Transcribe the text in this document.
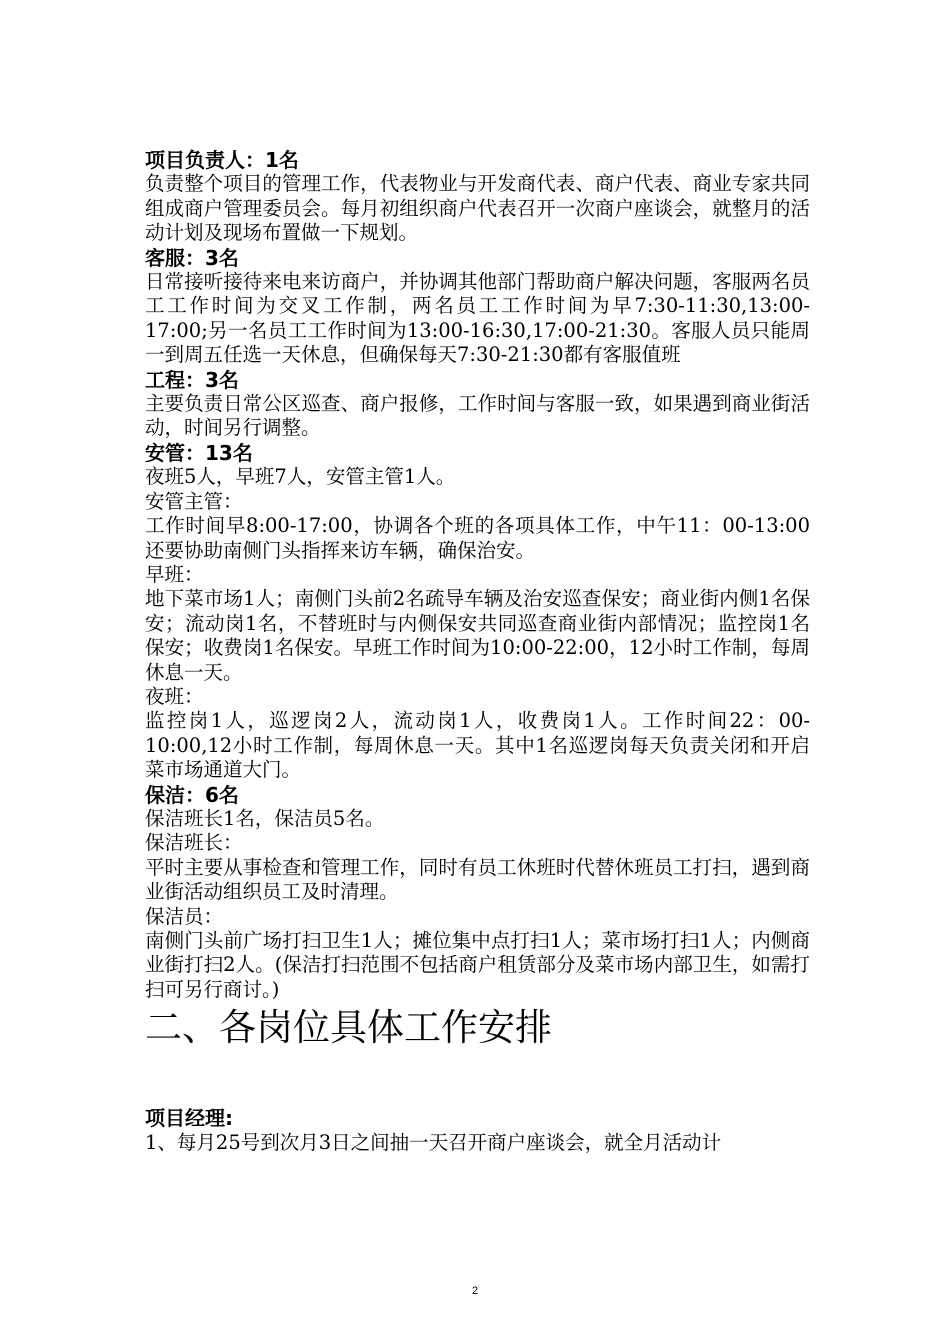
项目负责人：1名

负责整个项目的管理工作，代表物业与开发商代表、商户代表、商业专家共同组成商户管理委员会。每月初组织商户代表召开一次商户座谈会，就整月的活动计划及现场布置做一下规划。

客服：3名

日常接听接待来电来访商户，并协调其他部门帮助商户解决问题，客服两名员工工作时间为交叉工作制，两名员工工作时间为早7:30-11:30,13:00-17:00;另一名员工工作时间为13:00-16:30,17:00-21:30。客服人员只能周一到周五任选一天休息，但确保每天7:30-21:30都有客服值班

工程：3名

主要负责日常公区巡查、商户报修，工作时间与客服一致，如果遇到商业街活动，时间另行调整。

安管：13名

夜班5人，早班7人，安管主管1人。

安管主管：

工作时间早8:00-17:00，协调各个班的各项具体工作，中午11：00-13:00还要协助南侧门头指挥来访车辆，确保治安。

早班：

地下菜市场1人；南侧门头前2名疏导车辆及治安巡查保安；商业街内侧1名保安；流动岗1名，不替班时与内侧保安共同巡查商业街内部情况；监控岗1名保安；收费岗1名保安。早班工作时间为10:00-22:00，12小时工作制，每周休息一天。

夜班：

监控岗1人，巡逻岗2人，流动岗1人，收费岗1人。工作时间22：00-10:00,12小时工作制，每周休息一天。其中1名巡逻岗每天负责关闭和开启菜市场通道大门。

保洁：6名

保洁班长1名，保洁员5名。

保洁班长：

平时主要从事检查和管理工作，同时有员工休班时代替休班员工打扫，遇到商业街活动组织员工及时清理。

保洁员：

南侧门头前广场打扫卫生1人；摊位集中点打扫1人；菜市场打扫1人；内侧商业街打扫2人。(保洁打扫范围不包括商户租赁部分及菜市场内部卫生，如需打扫可另行商讨。)

二、各岗位具体工作安排

项目经理:

1、每月25号到次月3日之间抽一天召开商户座谈会，就全月活动计

2
